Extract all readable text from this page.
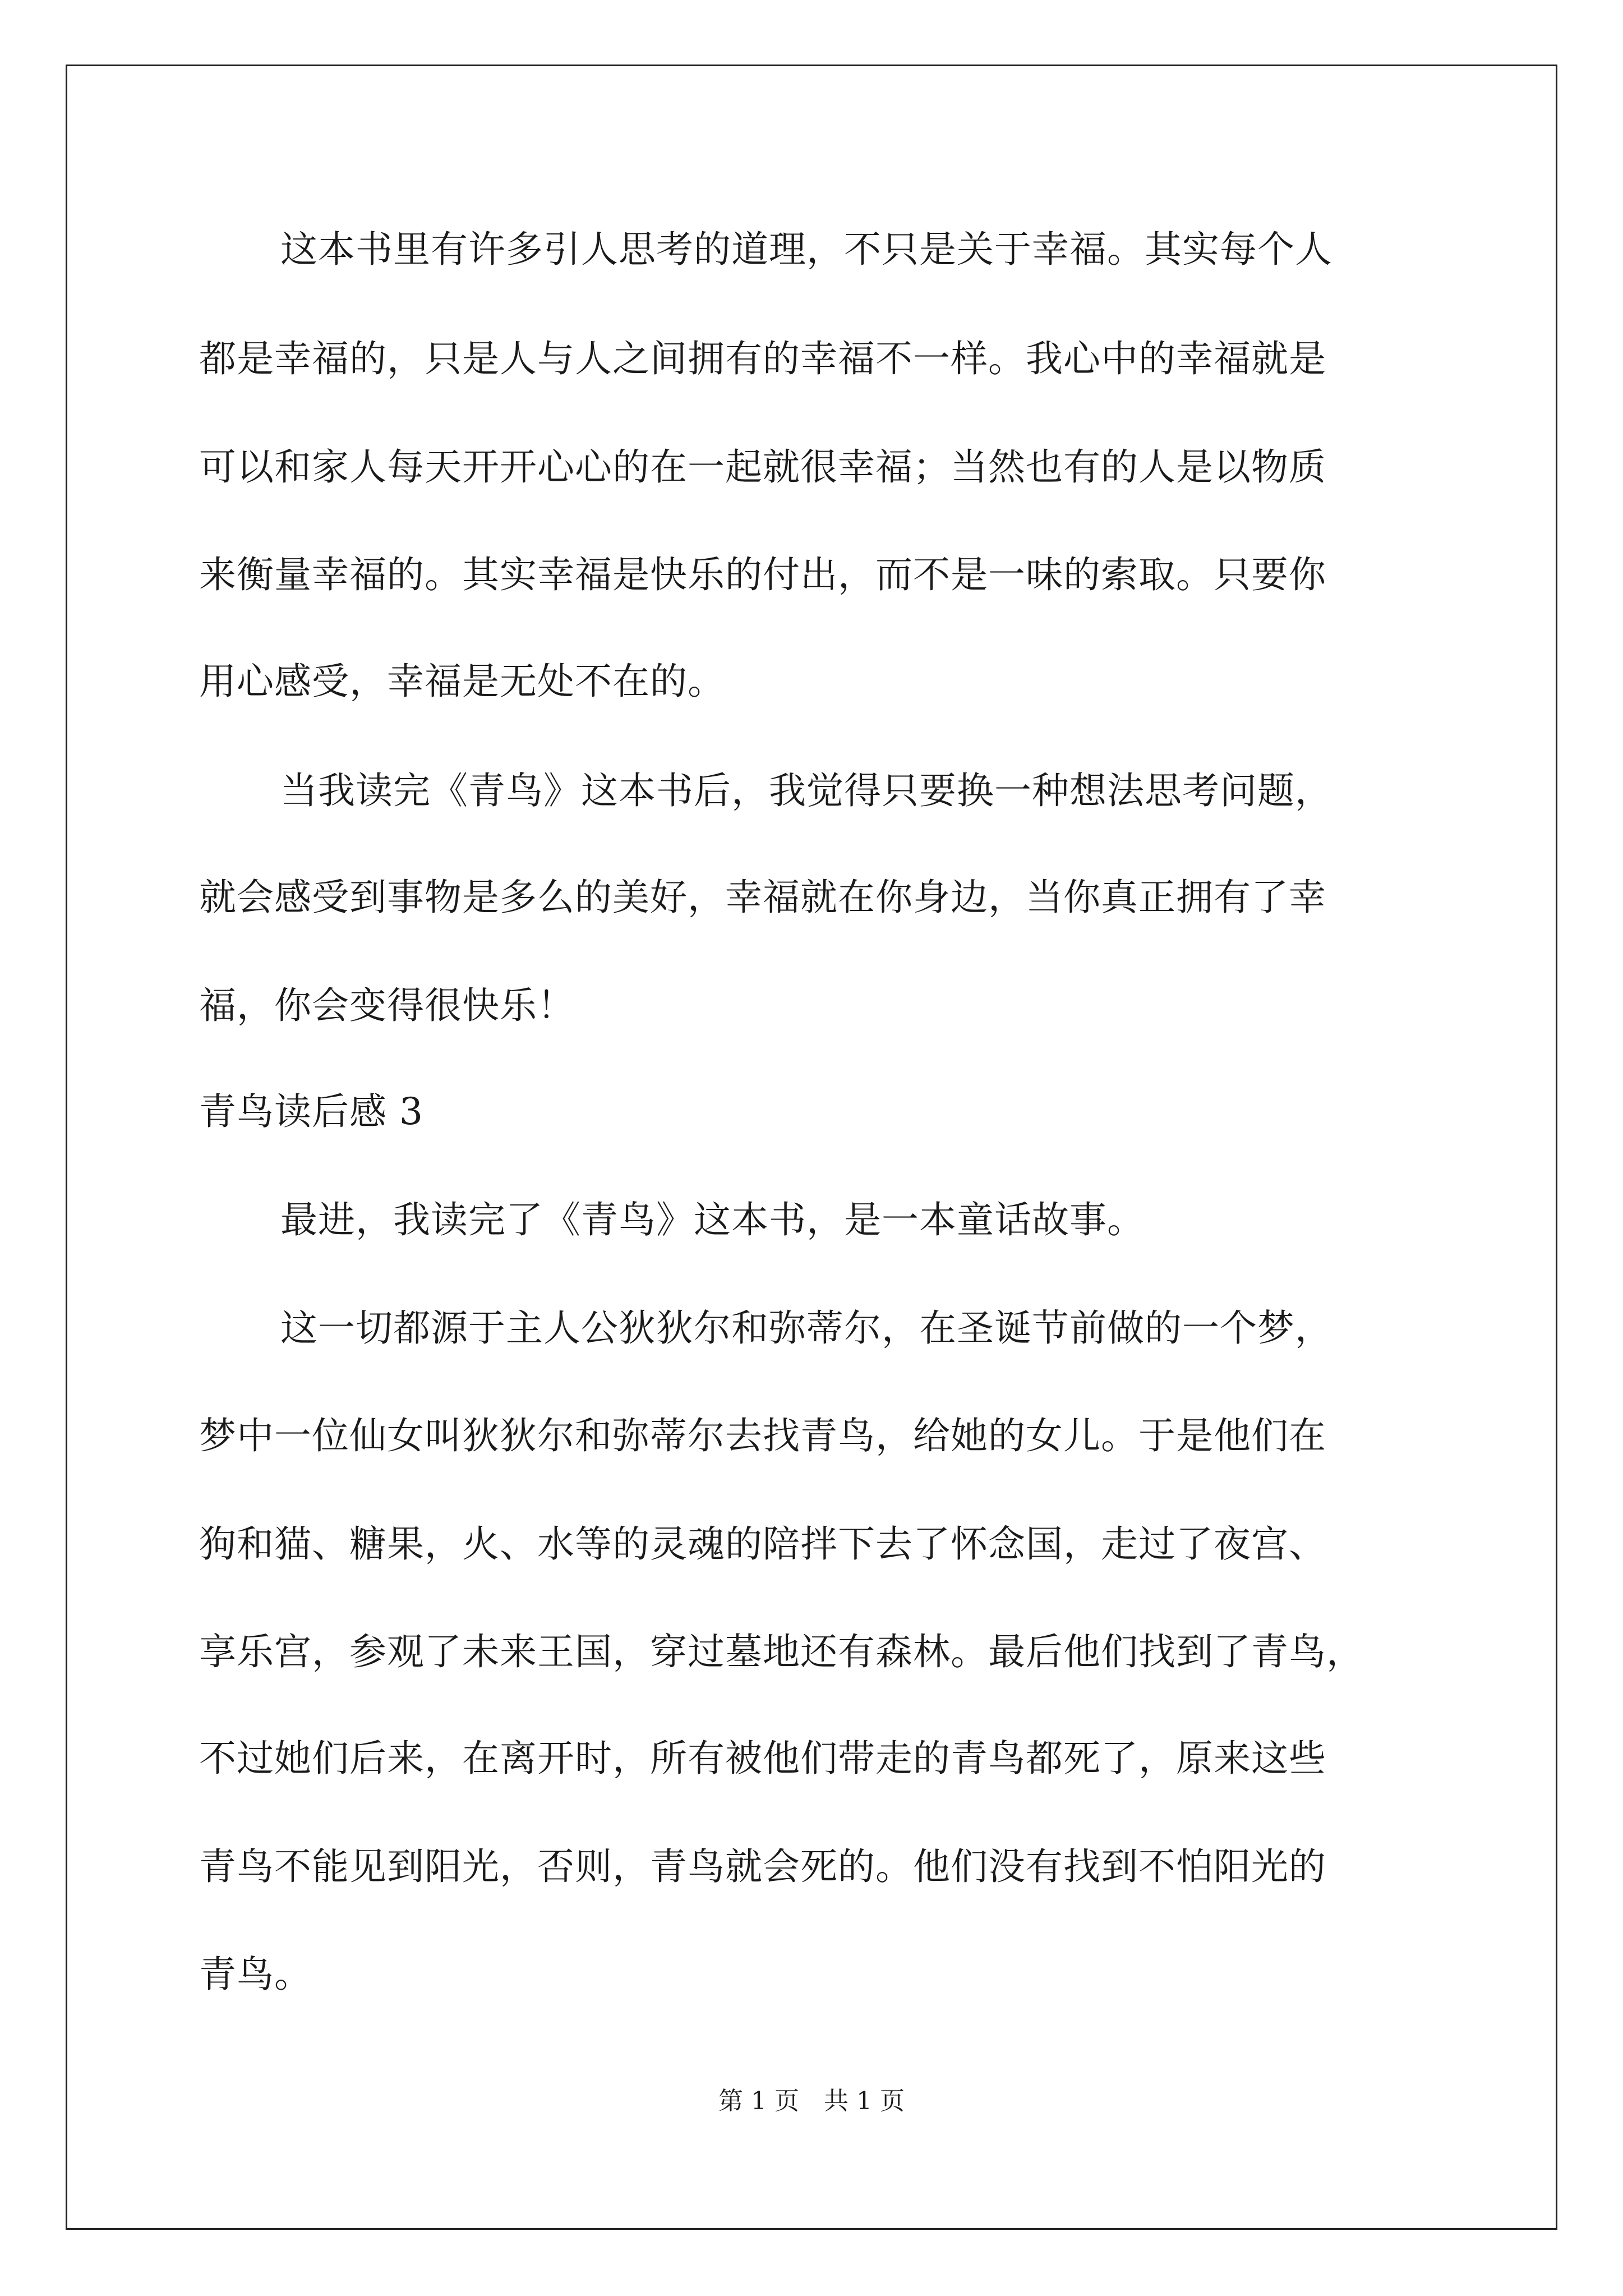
这本书里有许多引人思考的道理，不只是关于幸福。其实每个人
都是幸福的，只是人与人之间拥有的幸福不一样。我心中的幸福就是
可以和家人每天开开心心的在一起就很幸福；当然也有的人是以物质
来衡量幸福的。其实幸福是快乐的付出，而不是一味的索取。只要你
用心感受，幸福是无处不在的。
当我读完《青鸟》这本书后，我觉得只要换一种想法思考问题，
就会感受到事物是多么的美好，幸福就在你身边，当你真正拥有了幸
福，你会变得很快乐！
青鸟读后感 3
最进，我读完了《青鸟》这本书，是一本童话故事。
这一切都源于主人公狄狄尔和弥蒂尔，在圣诞节前做的一个梦，
梦中一位仙女叫狄狄尔和弥蒂尔去找青鸟，给她的女儿。于是他们在
狗和猫、糖果，火、水等的灵魂的陪拌下去了怀念国，走过了夜宫、
享乐宫，参观了未来王国，穿过墓地还有森林。最后他们找到了青鸟，
不过她们后来，在离开时，所有被他们带走的青鸟都死了，原来这些
青鸟不能见到阳光，否则，青鸟就会死的。他们没有找到不怕阳光的
青鸟。
第 1 页　共 1 页
